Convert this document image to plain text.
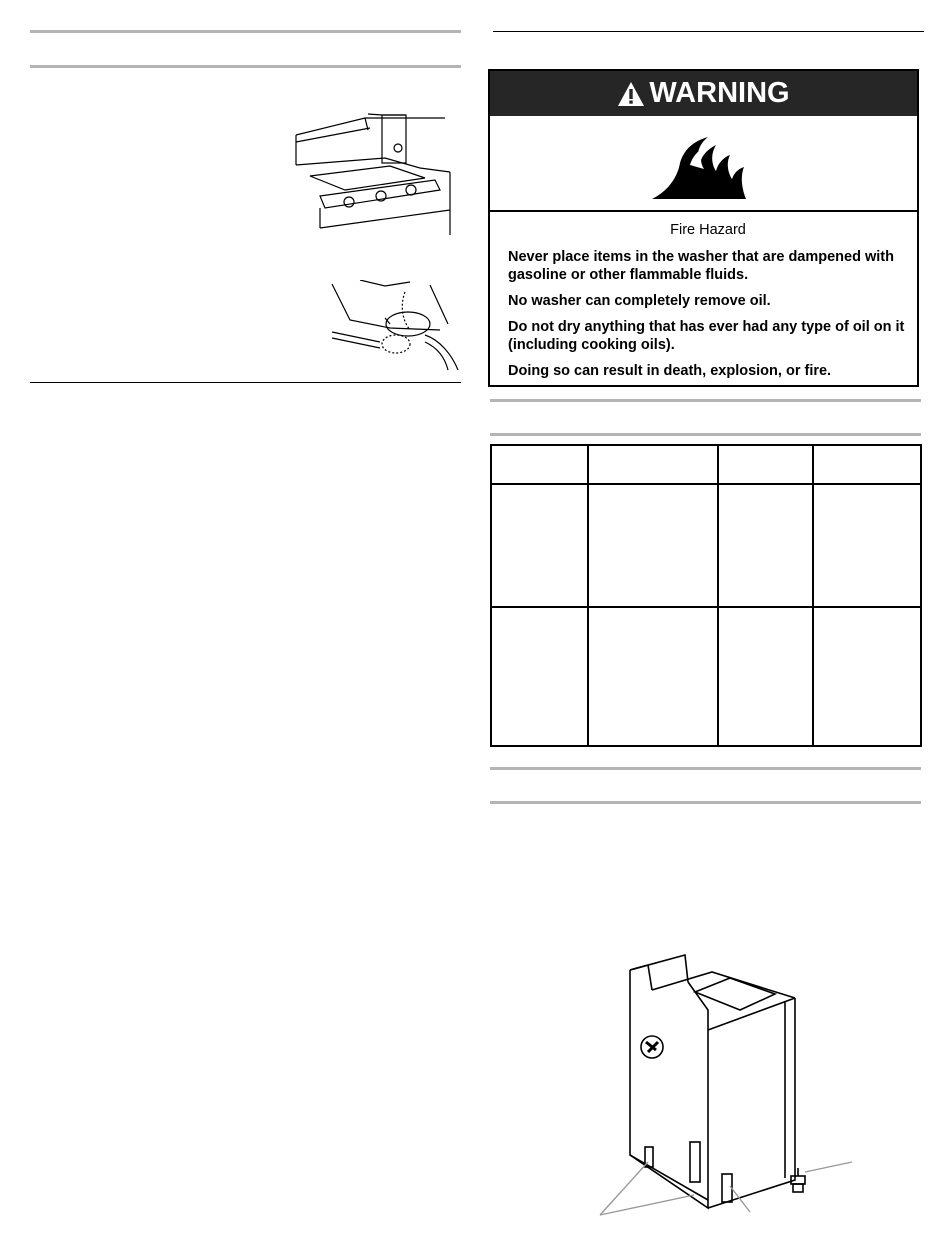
WARNING
Fire Hazard

Never place items in the washer that are dampened with gasoline or other flammable fluids.

No washer can completely remove oil.

Do not dry anything that has ever had any type of oil on it (including cooking oils).

Doing so can result in death, explosion, or fire.
